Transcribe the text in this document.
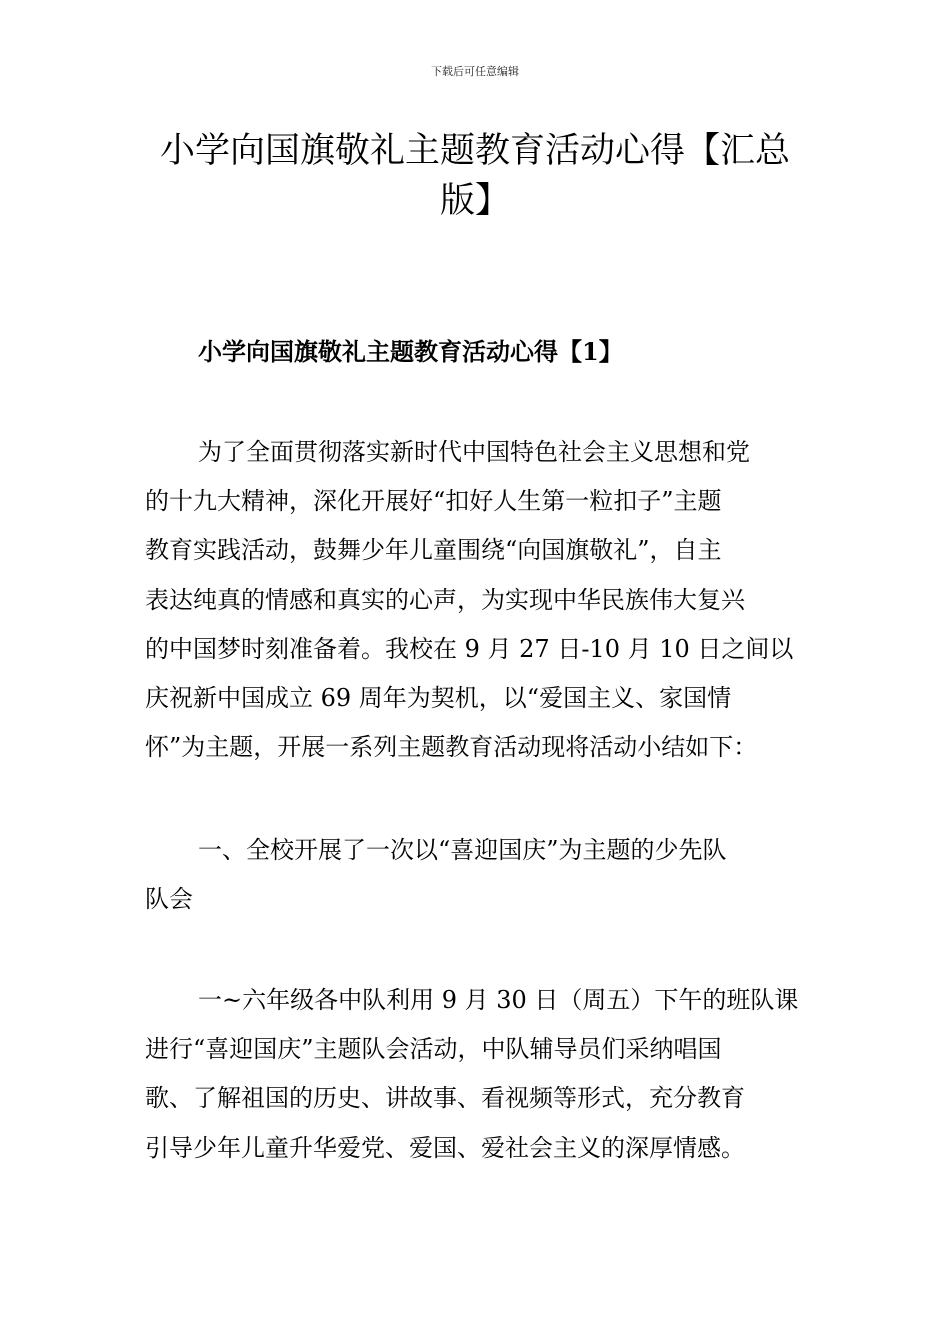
下载后可任意编辑
小学向国旗敬礼主题教育活动心得【汇总
版】
小学向国旗敬礼主题教育活动心得【1】

为了全面贯彻落实新时代中国特色社会主义思想和党
的十九大精神，深化开展好“扣好人生第一粒扣子”主题
教育实践活动，鼓舞少年儿童围绕“向国旗敬礼”，自主
表达纯真的情感和真实的心声，为实现中华民族伟大复兴
的中国梦时刻准备着。我校在 9 月 27 日-10 月 10 日之间以
庆祝新中国成立 69 周年为契机，以“爱国主义、家国情
怀”为主题，开展一系列主题教育活动现将活动小结如下：

一、全校开展了一次以“喜迎国庆”为主题的少先队
队会

一~六年级各中队利用 9 月 30 日（周五）下午的班队课
进行“喜迎国庆”主题队会活动，中队辅导员们采纳唱国
歌、了解祖国的历史、讲故事、看视频等形式，充分教育
引导少年儿童升华爱党、爱国、爱社会主义的深厚情感。
